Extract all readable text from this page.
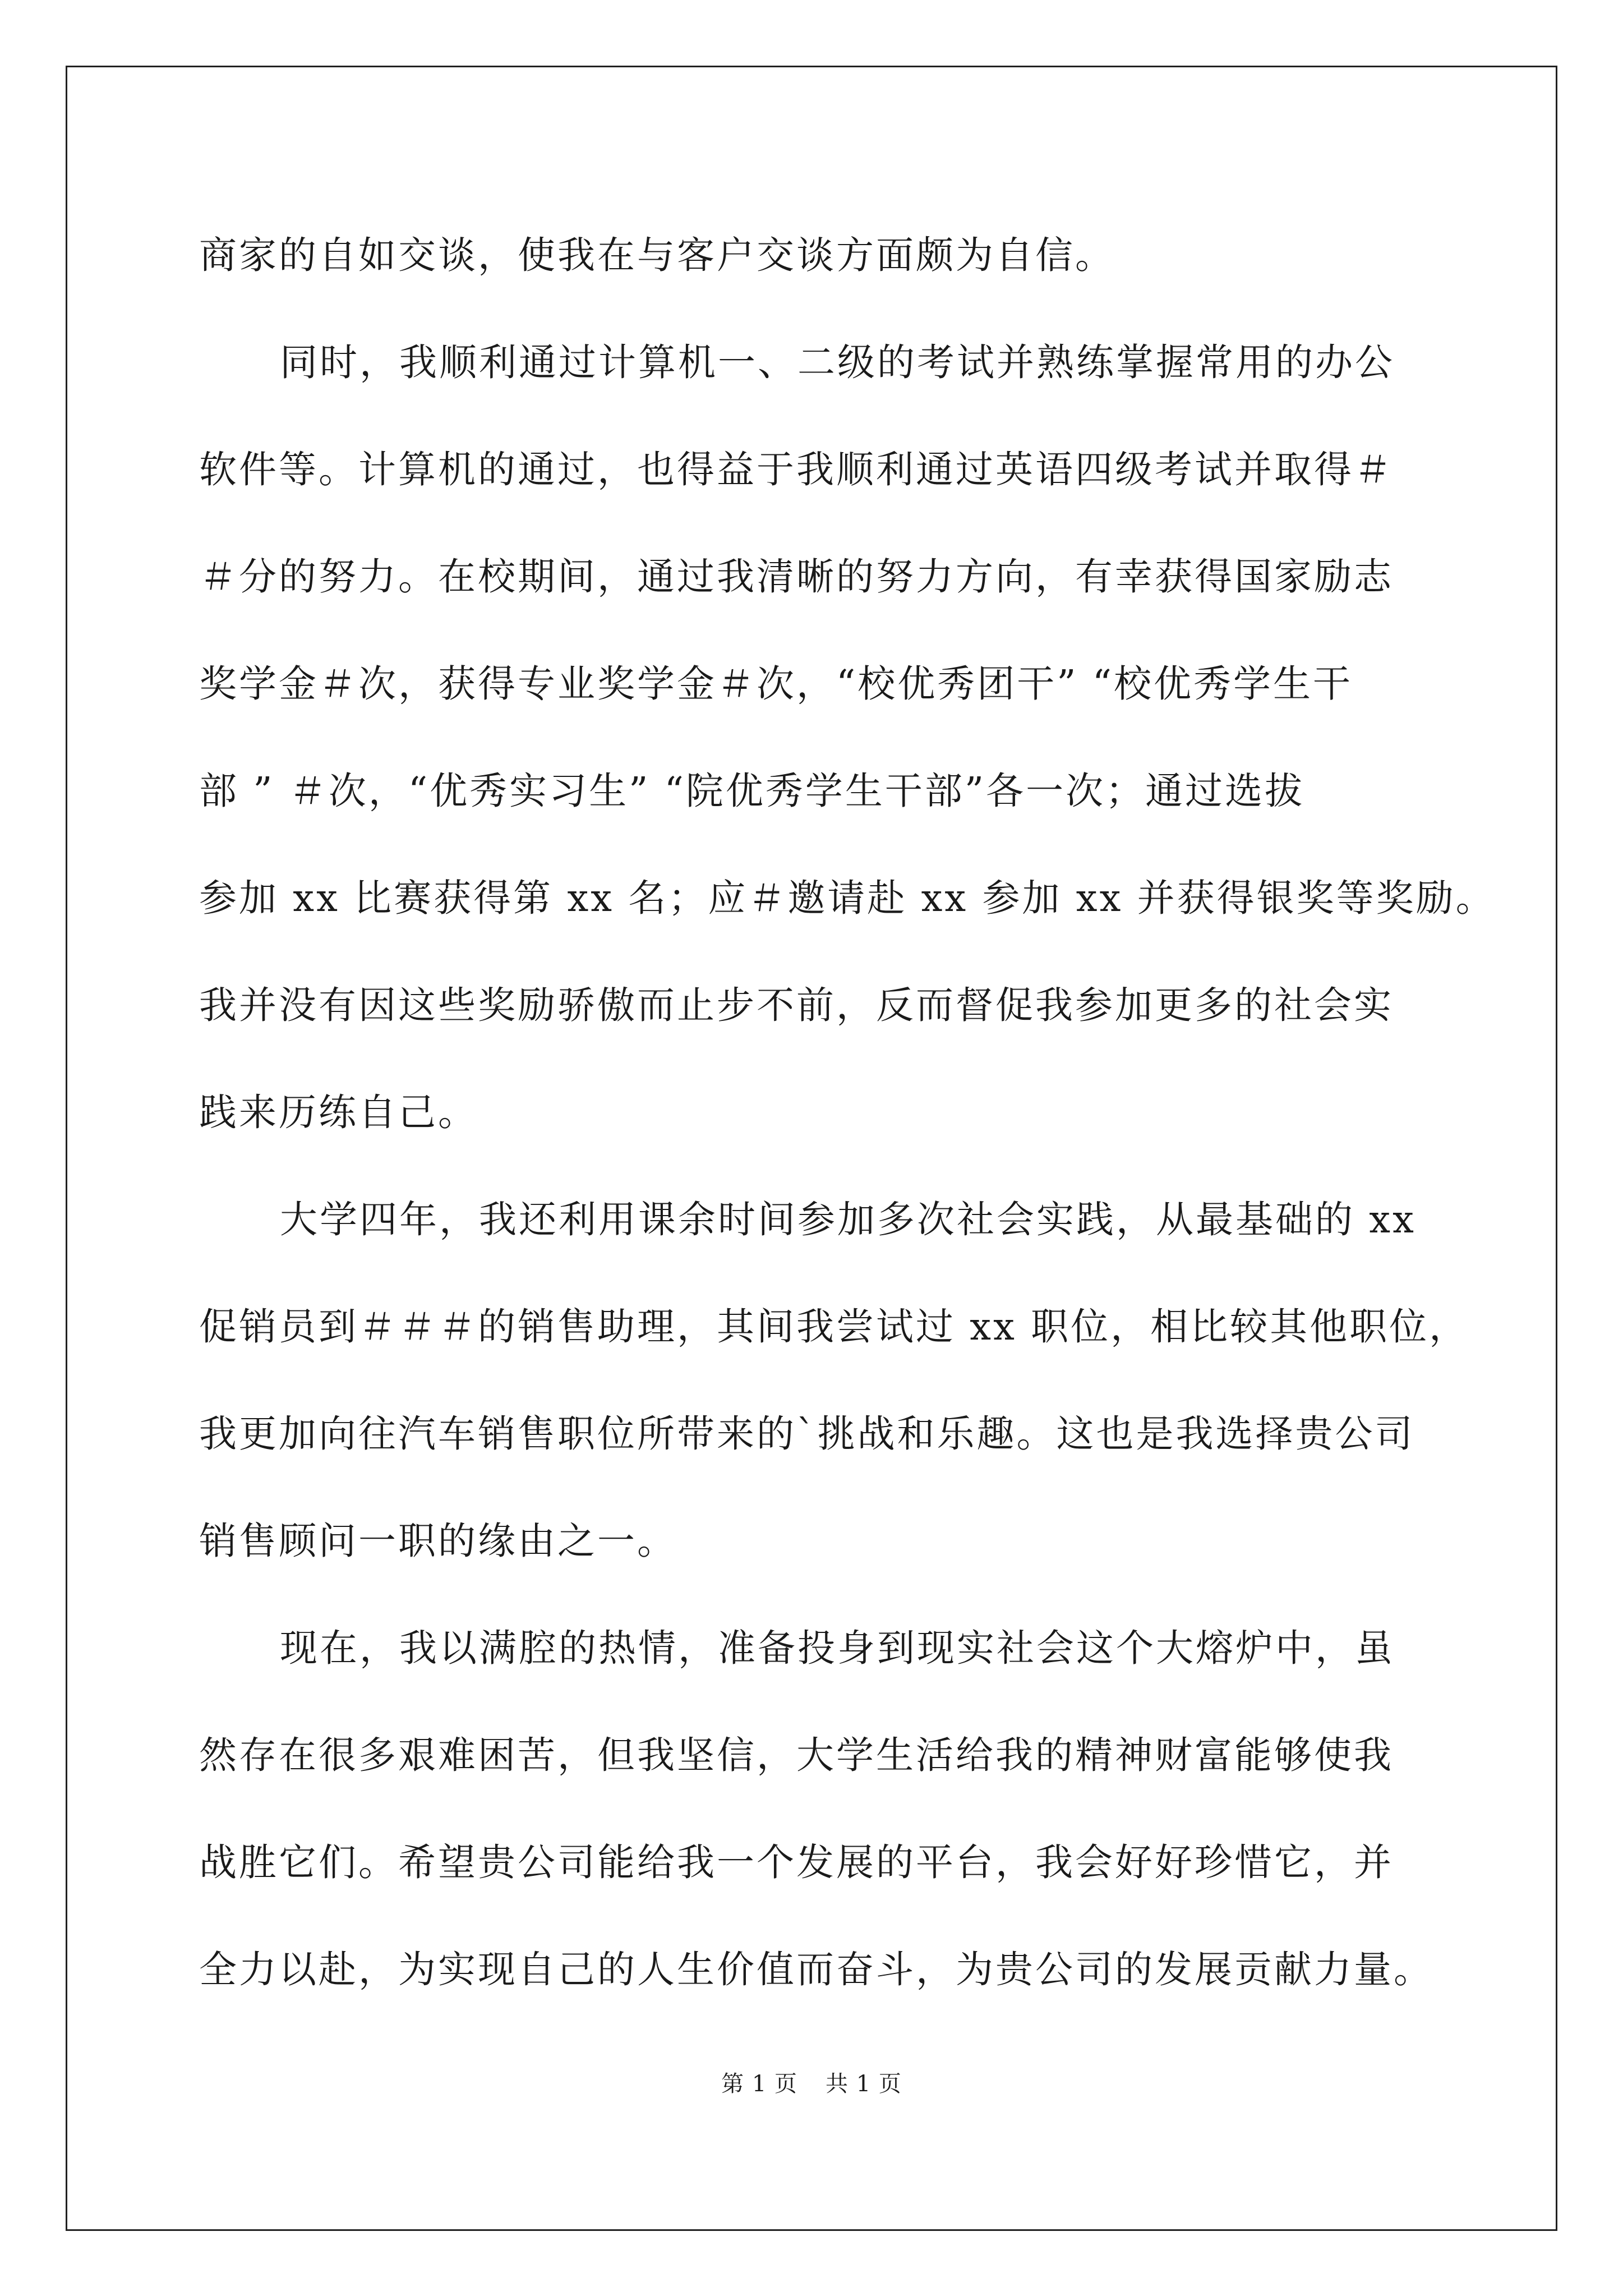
商家的自如交谈，使我在与客户交谈方面颇为自信。
同时，我顺利通过计算机一、二级的考试并熟练掌握常用的办公
软件等。计算机的通过，也得益于我顺利通过英语四级考试并取得＃
＃分的努力。在校期间，通过我清晰的努力方向，有幸获得国家励志
奖学金＃次，获得专业奖学金＃次，“校优秀团干” “校优秀学生干
部 ” ＃次，“优秀实习生” “院优秀学生干部”各一次；通过选拔
参加 xx 比赛获得第 xx 名；应＃邀请赴 xx 参加 xx 并获得银奖等奖励。
我并没有因这些奖励骄傲而止步不前，反而督促我参加更多的社会实
践来历练自己。
大学四年，我还利用课余时间参加多次社会实践，从最基础的 xx
促销员到＃＃＃的销售助理，其间我尝试过 xx 职位，相比较其他职位，
我更加向往汽车销售职位所带来的`挑战和乐趣。这也是我选择贵公司
销售顾问一职的缘由之一。
现在，我以满腔的热情，准备投身到现实社会这个大熔炉中，虽
然存在很多艰难困苦，但我坚信，大学生活给我的精神财富能够使我
战胜它们。希望贵公司能给我一个发展的平台，我会好好珍惜它，并
全力以赴，为实现自己的人生价值而奋斗，为贵公司的发展贡献力量。
第 1 页 共 1 页
